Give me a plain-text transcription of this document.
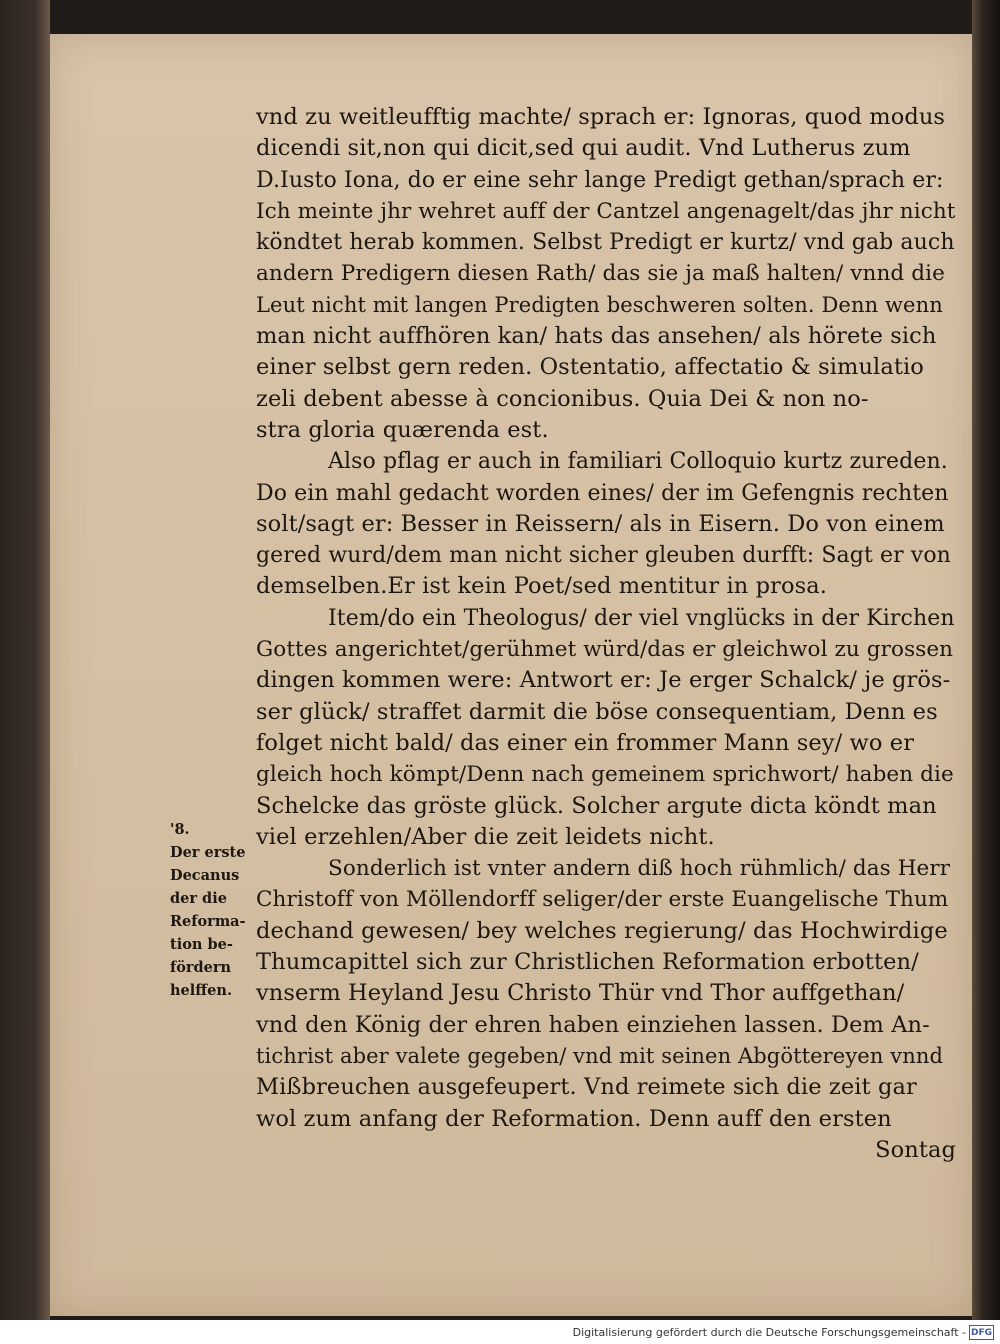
vnd zu weitleufftig machte/ sprach er: Ignoras, quod modus
dicendi sit,non qui dicit,sed qui audit. Vnd Lutherus zum
D.Iusto Iona, do er eine sehr lange Predigt gethan/sprach er:
Ich meinte jhr wehret auff der Cantzel angenagelt/das jhr nicht
köndtet herab kommen. Selbst Predigt er kurtz/ vnd gab auch
andern Predigern diesen Rath/ das sie ja maß halten/ vnnd die
Leut nicht mit langen Predigten beschweren solten. Denn wenn
man nicht auffhören kan/ hats das ansehen/ als hörete sich
einer selbst gern reden. Ostentatio, affectatio & simulatio
zeli debent abesse à concionibus. Quia Dei & non no-
stra gloria quærenda est.
Also pflag er auch in familiari Colloquio kurtz zureden.
Do ein mahl gedacht worden eines/ der im Gefengnis rechten
solt/sagt er: Besser in Reissern/ als in Eisern. Do von einem
gered wurd/dem man nicht sicher gleuben durfft: Sagt er von
demselben.Er ist kein Poet/sed mentitur in prosa.
Item/do ein Theologus/ der viel vnglücks in der Kirchen
Gottes angerichtet/gerühmet würd/das er gleichwol zu grossen
dingen kommen were: Antwort er: Je erger Schalck/ je grös-
ser glück/ straffet darmit die böse consequentiam, Denn es
folget nicht bald/ das einer ein frommer Mann sey/ wo er
gleich hoch kömpt/Denn nach gemeinem sprichwort/ haben die
Schelcke das gröste glück. Solcher argute dicta köndt man
viel erzehlen/Aber die zeit leidets nicht.
Sonderlich ist vnter andern diß hoch rühmlich/ das Herr
Christoff von Möllendorff seliger/der erste Euangelische Thum
dechand gewesen/ bey welches regierung/ das Hochwirdige
Thumcapittel sich zur Christlichen Reformation erbotten/
vnserm Heyland Jesu Christo Thür vnd Thor auffgethan/
vnd den König der ehren haben einziehen lassen. Dem An-
tichrist aber valete gegeben/ vnd mit seinen Abgöttereyen vnnd
Mißbreuchen ausgefeupert. Vnd reimete sich die zeit gar
wol zum anfang der Reformation. Denn auff den ersten
Sontag
'8.
Der erste
Decanus
der die
Reforma-
tion be-
fördern
helffen.
Digitalisierung gefördert durch die Deutsche Forschungsgemeinschaft - DFG
